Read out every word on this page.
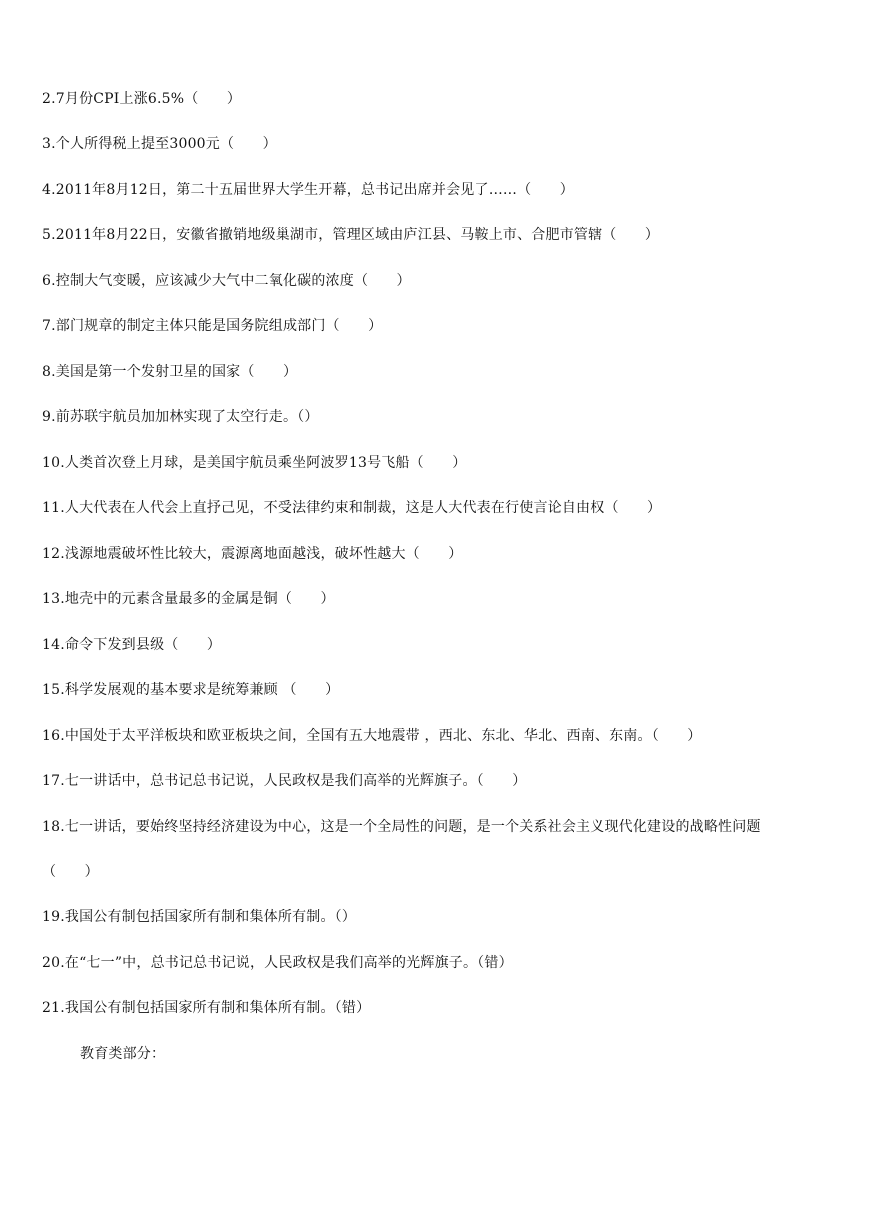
2.7月份CPI上涨6.5%（　　）
3.个人所得税上提至3000元（　　）
4.2011年8月12日，第二十五届世界大学生开幕，总书记出席并会见了……（　　）
5.2011年8月22日，安徽省撤销地级巢湖市，管理区域由庐江县、马鞍上市、合肥市管辖（　　）
6.控制大气变暖，应该减少大气中二氧化碳的浓度（　　）
7.部门规章的制定主体只能是国务院组成部门（　　）
8.美国是第一个发射卫星的国家（　　）
9.前苏联宇航员加加林实现了太空行走。（）
10.人类首次登上月球，是美国宇航员乘坐阿波罗13号飞船（　　）
11.人大代表在人代会上直抒己见，不受法律约束和制裁，这是人大代表在行使言论自由权（　　）
12.浅源地震破坏性比较大，震源离地面越浅，破坏性越大（　　）
13.地壳中的元素含量最多的金属是铜（　　）
14.命令下发到县级（　　）
15.科学发展观的基本要求是统筹兼顾 （　　）
16.中国处于太平洋板块和欧亚板块之间，全国有五大地震带 ，西北、东北、华北、西南、东南。（　　）
17.七一讲话中，总书记总书记说，人民政权是我们高举的光辉旗子。（　　）
18.七一讲话，要始终坚持经济建设为中心，这是一个全局性的问题，是一个关系社会主义现代化建设的战略性问题
（　　）
19.我国公有制包括国家所有制和集体所有制。（）
20.在“七一”中，总书记总书记说，人民政权是我们高举的光辉旗子。（错）
21.我国公有制包括国家所有制和集体所有制。（错）
教育类部分：
